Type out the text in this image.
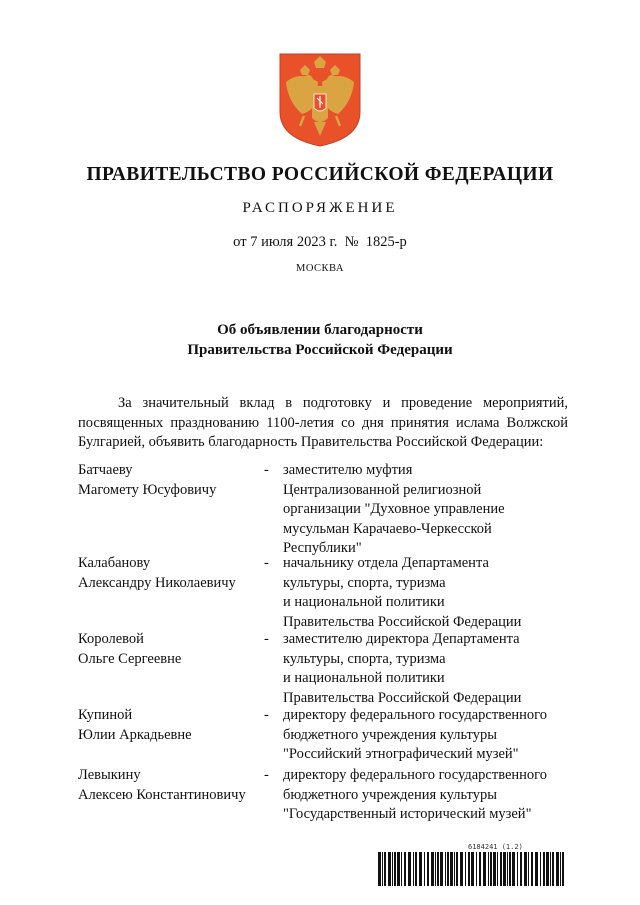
ПРАВИТЕЛЬСТВО РОССИЙСКОЙ ФЕДЕРАЦИИ
РАСПОРЯЖЕНИЕ
от 7 июля 2023 г.  №  1825-р
МОСКВА
Об объявлении благодарности
Правительства Российской Федерации
За значительный вклад в подготовку и проведение мероприятий,
посвященных празднованию 1100-летия со дня принятия ислама Волжской
Булгарией, объявить благодарность Правительства Российской Федерации:
Батчаеву
Магомету Юсуфовичу
- заместителю муфтия
Централизованной религиозной
организации "Духовное управление
мусульман Карачаево-Черкесской
Республики"
Калабанову
Александру Николаевичу
- начальнику отдела Департамента
культуры, спорта, туризма
и национальной политики
Правительства Российской Федерации
Королевой
Ольге Сергеевне
- заместителю директора Департамента
культуры, спорта, туризма
и национальной политики
Правительства Российской Федерации
Купиной
Юлии Аркадьевне
- директору федерального государственного
бюджетного учреждения культуры
"Российский этнографический музей"
Левыкину
Алексею Константиновичу
- директору федерального государственного
бюджетного учреждения культуры
"Государственный исторический музей"
6184241 (1.2)
